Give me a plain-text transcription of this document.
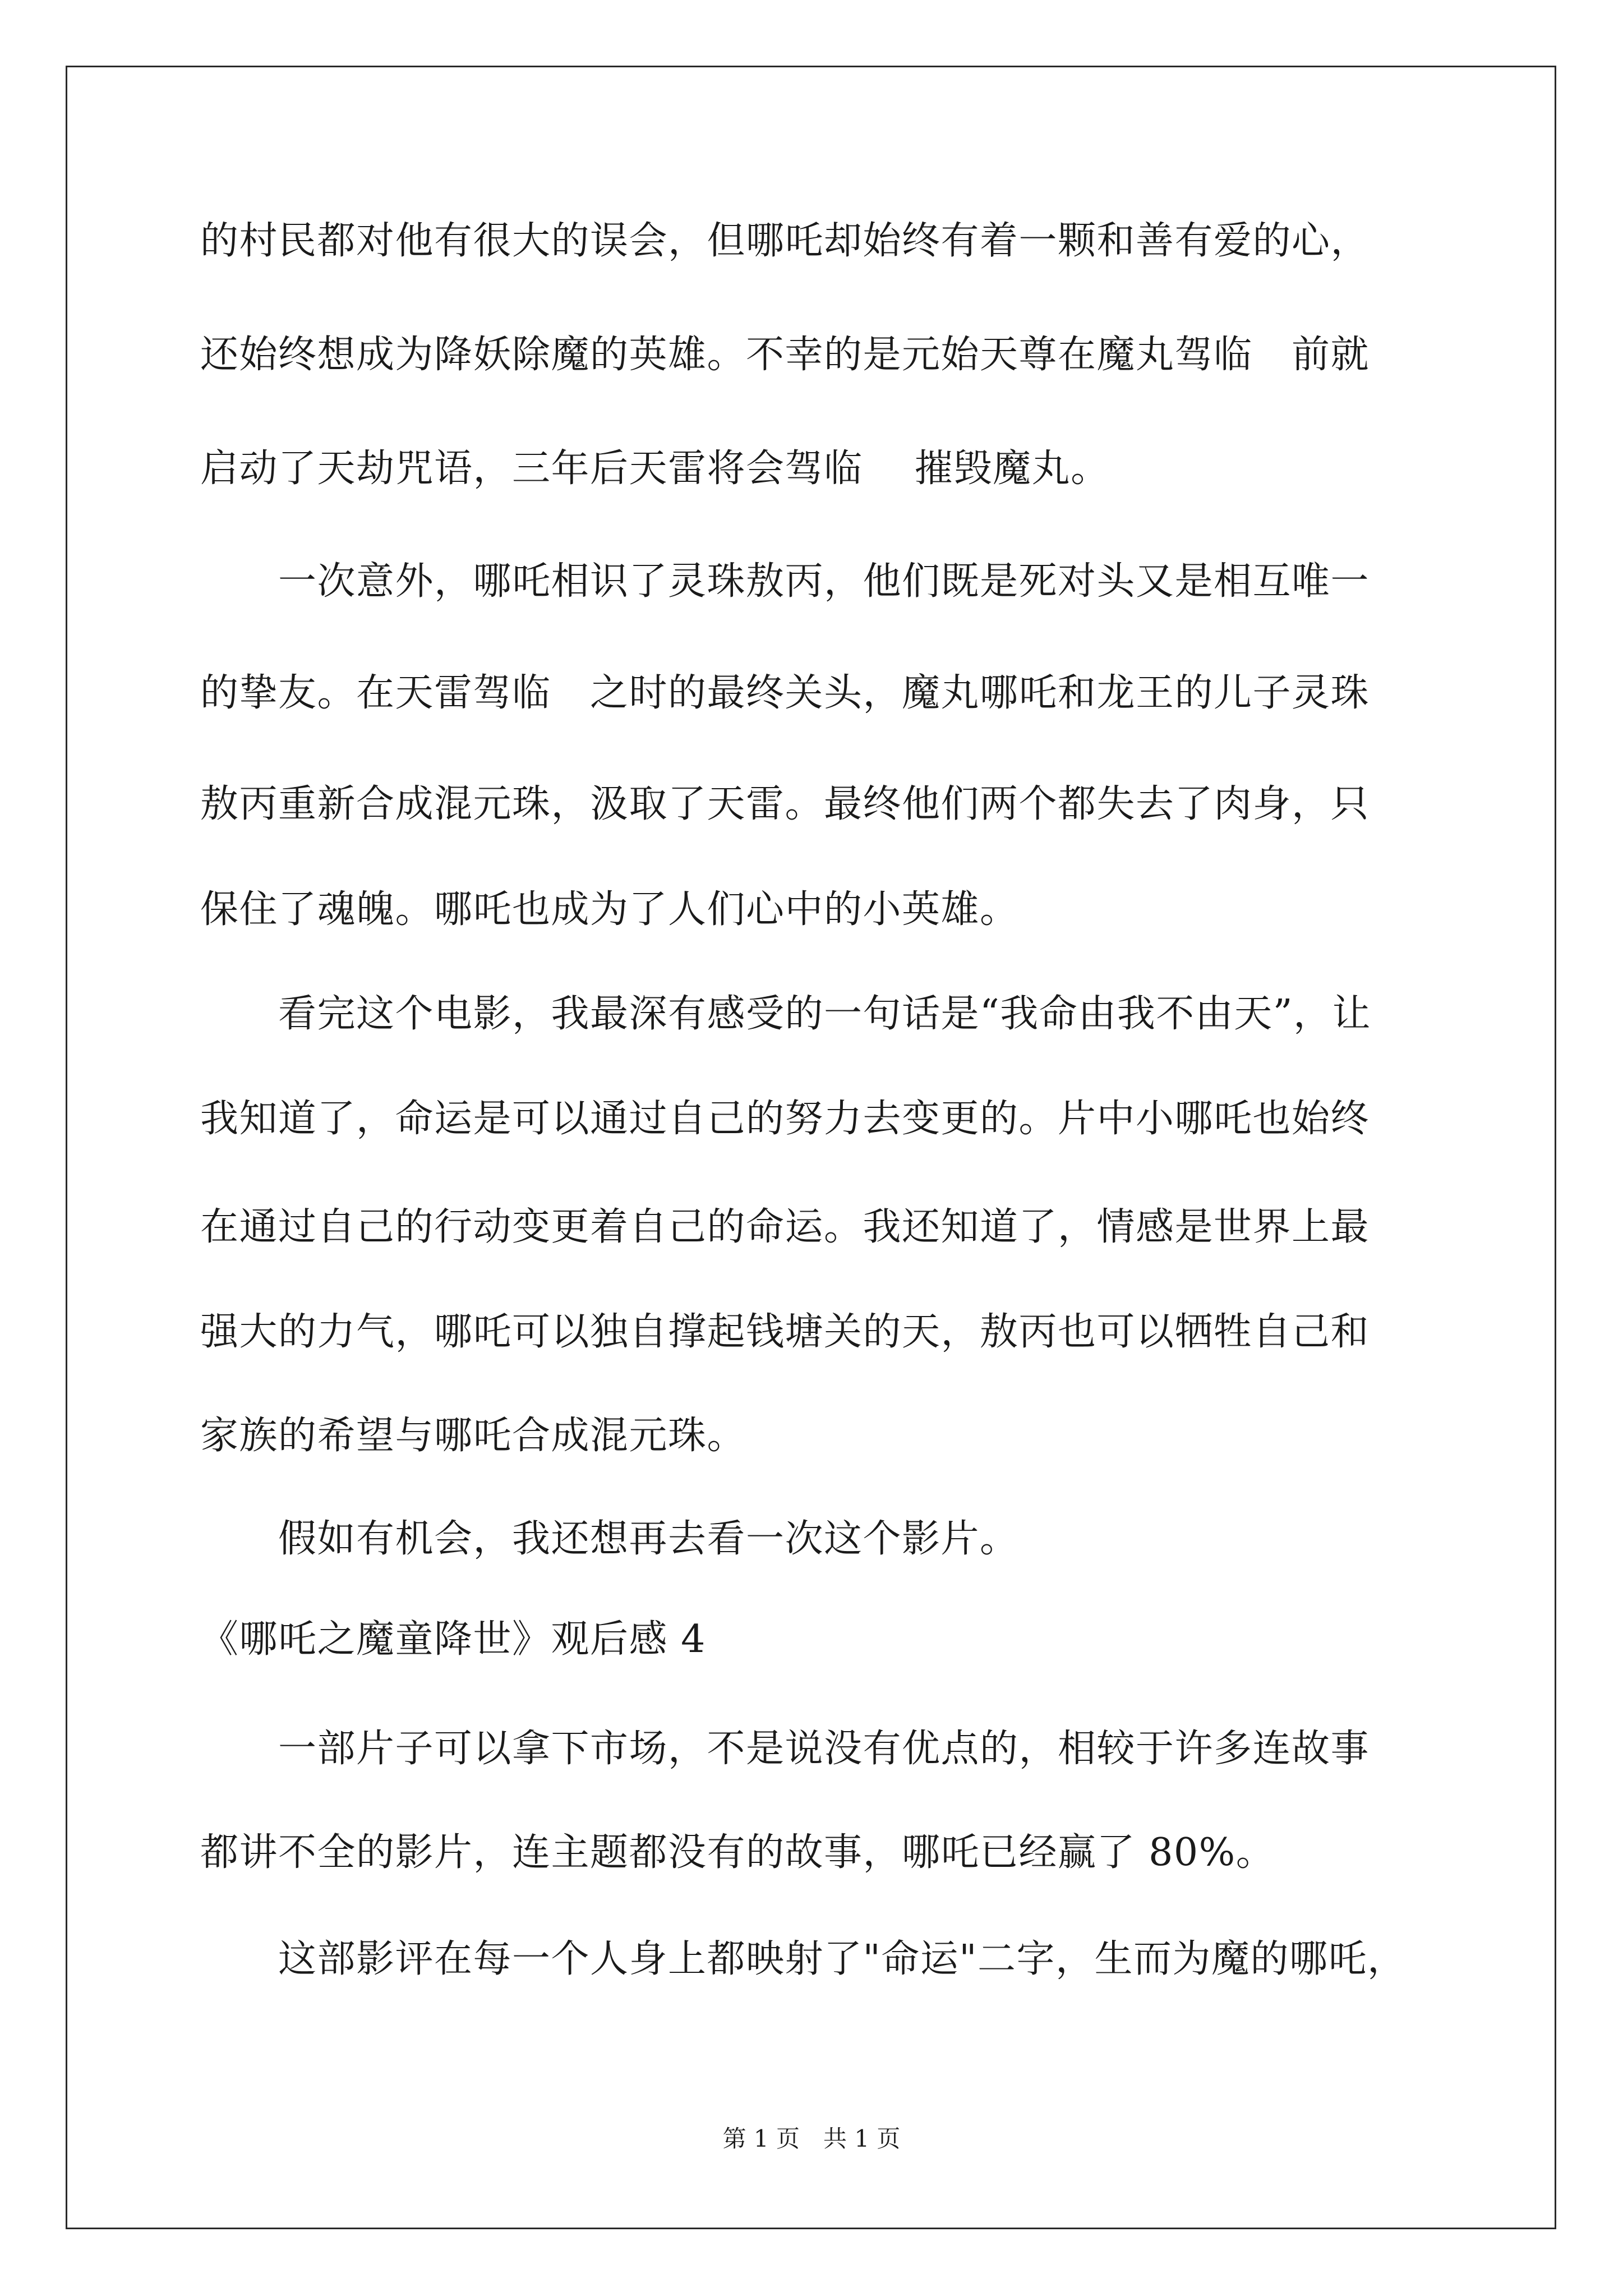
的村民都对他有很大的误会，但哪吒却始终有着一颗和善有爱的心，
还始终想成为降妖除魔的英雄。不幸的是元始天尊在魔丸驾临　前就
启动了天劫咒语，三年后天雷将会驾临　 摧毁魔丸。
　　一次意外，哪吒相识了灵珠敖丙，他们既是死对头又是相互唯一
的挚友。在天雷驾临　之时的最终关头，魔丸哪吒和龙王的儿子灵珠
敖丙重新合成混元珠，汲取了天雷。最终他们两个都失去了肉身，只
保住了魂魄。哪吒也成为了人们心中的小英雄。
　　看完这个电影，我最深有感受的一句话是“我命由我不由天”，让
我知道了，命运是可以通过自己的努力去变更的。片中小哪吒也始终
在通过自己的行动变更着自己的命运。我还知道了，情感是世界上最
强大的力气，哪吒可以独自撑起钱塘关的天，敖丙也可以牺牲自己和
家族的希望与哪吒合成混元珠。
　　假如有机会，我还想再去看一次这个影片。
《哪吒之魔童降世》观后感 4
　　一部片子可以拿下市场，不是说没有优点的，相较于许多连故事
都讲不全的影片，连主题都没有的故事，哪吒已经赢了 80%。
　　这部影评在每一个人身上都映射了"命运"二字，生而为魔的哪吒，
第 1 页　共 1 页
